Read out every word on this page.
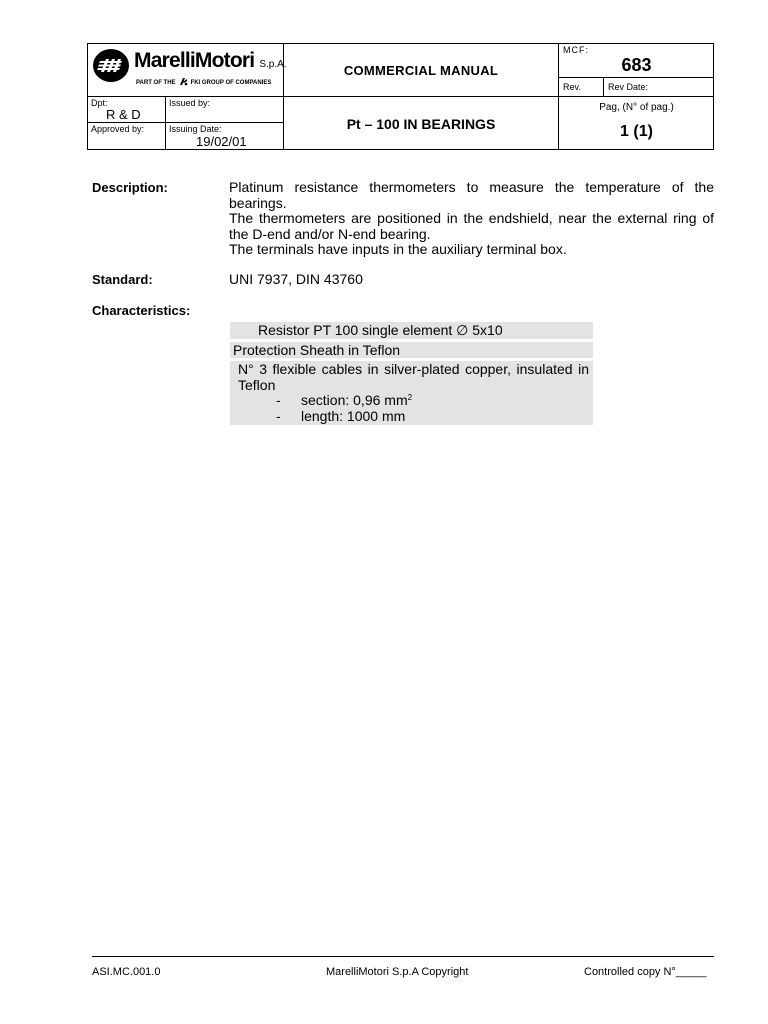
MarelliMotori S.p.A.
PART OF THE	FKI GROUP OF COMPANIES
COMMERCIAL MANUAL
MCF:
683
Rev.	Rev Date:
Dpt:
R & D
Issued by:
Approved by:	Issuing Date:
19/02/01
Pt – 100 IN BEARINGS
Pag, (N° of pag.)
1 (1)
Description:	Platinum resistance thermometers to measure the temperature of the bearings.

The thermometers are positioned in the endshield, near the external ring of the D-end and/or N-end bearing.

The terminals have inputs in the auxiliary terminal box.

Standard:	UNI 7937, DIN 43760
Characteristics:
Resistor PT 100 single element ∅ 5x10
Protection Sheath in Teflon
N° 3 flexible cables in silver-plated copper, insulated in Teflon
- section: 0,96 $mm^2$
- length: 1000 mm
ASI.MC.001.0	MarelliMotori S.p.A Copyright	Controlled copy N°_____
